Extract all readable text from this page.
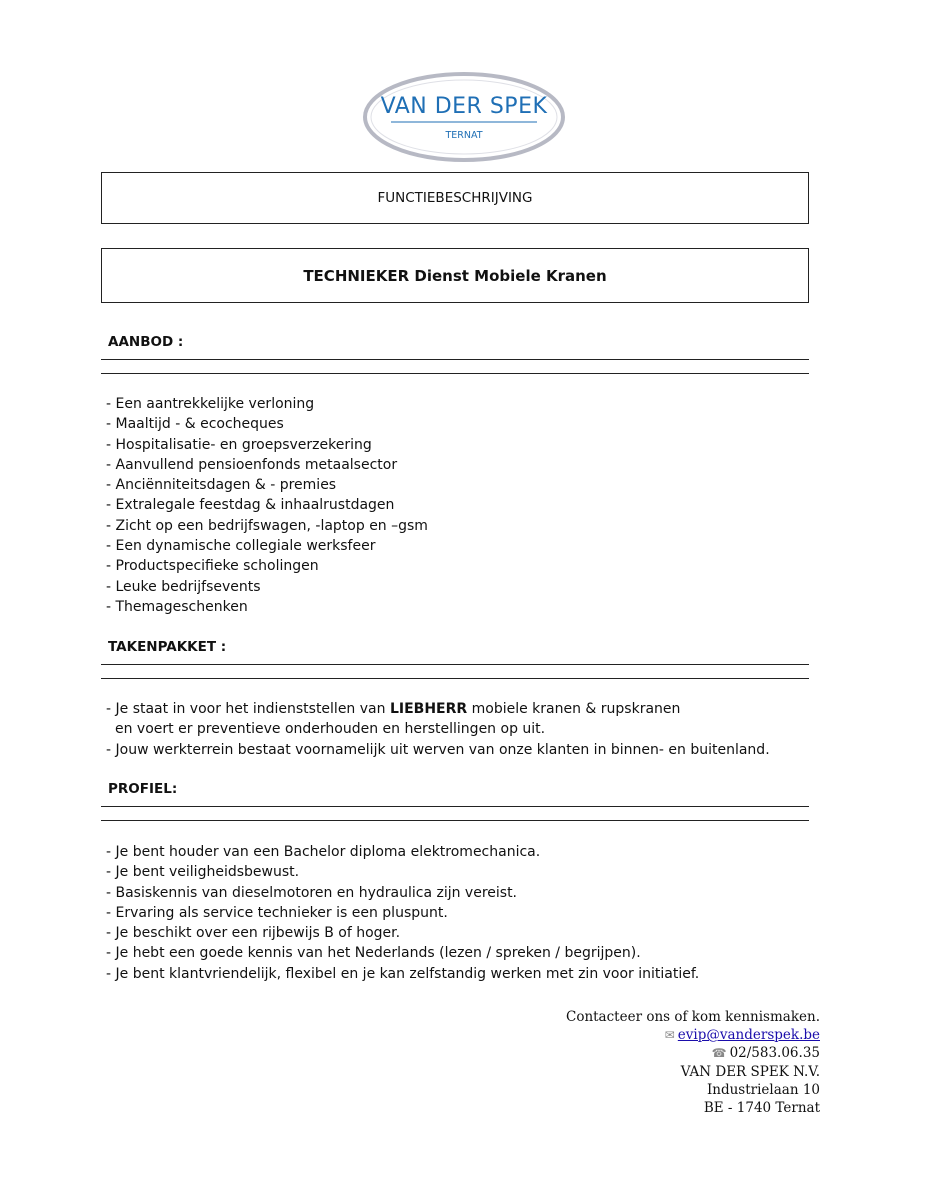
VAN DER SPEK
TERNAT
FUNCTIEBESCHRIJVING
TECHNIEKER Dienst Mobiele Kranen
AANBOD :
- Een aantrekkelijke verloning
- Maaltijd - & ecocheques
- Hospitalisatie- en groepsverzekering
- Aanvullend pensioenfonds metaalsector
- Anciënniteitsdagen & - premies
- Extralegale feestdag & inhaalrustdagen
- Zicht op een bedrijfswagen, -laptop en –gsm
- Een dynamische collegiale werksfeer
- Productspecifieke scholingen
- Leuke bedrijfsevents
- Themageschenken
TAKENPAKKET :
- Je staat in voor het indienststellen van LIEBHERR mobiele kranen & rupskranen
en voert er preventieve onderhouden en herstellingen op uit.
- Jouw werkterrein bestaat voornamelijk uit werven van onze klanten in binnen- en buitenland.
PROFIEL:
- Je bent houder van een Bachelor diploma elektromechanica.
- Je bent veiligheidsbewust.
- Basiskennis van dieselmotoren en hydraulica zijn vereist.
- Ervaring als service technieker is een pluspunt.
- Je beschikt over een rijbewijs B of hoger.
- Je hebt een goede kennis van het Nederlands (lezen / spreken / begrijpen).
- Je bent klantvriendelijk, flexibel en je kan zelfstandig werken met zin voor initiatief.
Contacteer ons of kom kennismaken.
✉ evip@vanderspek.be
☎ 02/583.06.35
VAN DER SPEK N.V.
Industrielaan 10
BE - 1740 Ternat
